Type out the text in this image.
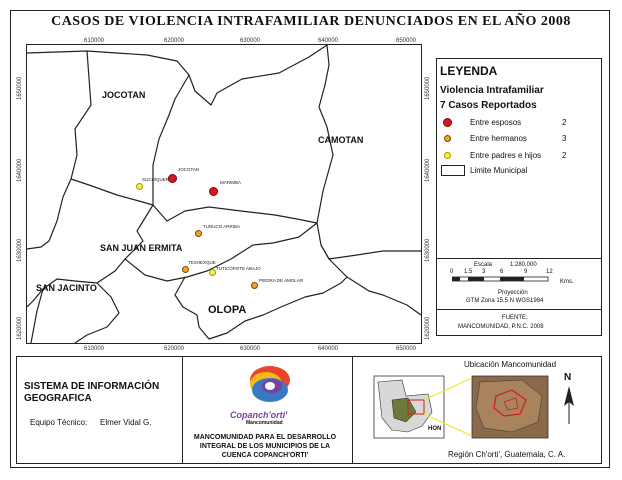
CASOS DE VIOLENCIA INTRAFAMILIAR DENUNCIADOS EN EL AÑO 2008
610000	620000	630000	640000	650000
610000	620000	630000	640000	650000
1650000
1640000
1630000
1620000
1650000
1640000
1630000
1620000
JOCOTAN
CAMOTAN
SAN JUAN ERMITA
SAN JACINTO
OLOPA
JOCOTAN
MARIMBA
SUCHIQUER
TUNUCO ARRIBA
TESHEXQUE
TUTICOPOTE ABAJO
PIEDRA DE AMOLAR
LEYENDA
Violencia Intrafamiliar
7 Casos Reportados
Entre esposos	2
Entre hermanos	3
Entre padres e hijos	2
Limite Municipal
Escala	1:280,000
0 1.5 3 6	9	12
Kms.
Proyección
GTM Zona 15.5 N WGS1984
FUENTE:
MANCOMUNIDAD, P.N.C. 2008
SISTEMA DE INFORMACIÓN GEOGRAFICA
Equipo Técnico: Elmer Vidal G.
Copanch'orti'
Mancomunidad
MANCOMUNIDAD PARA EL DESARROLLO INTEGRAL DE LOS MUNICIPIOS DE LA CUENCA COPANCH'ORTI'
Ubicación Mancomunidad
HON
N
Región Ch'orti', Guatemala, C. A.
